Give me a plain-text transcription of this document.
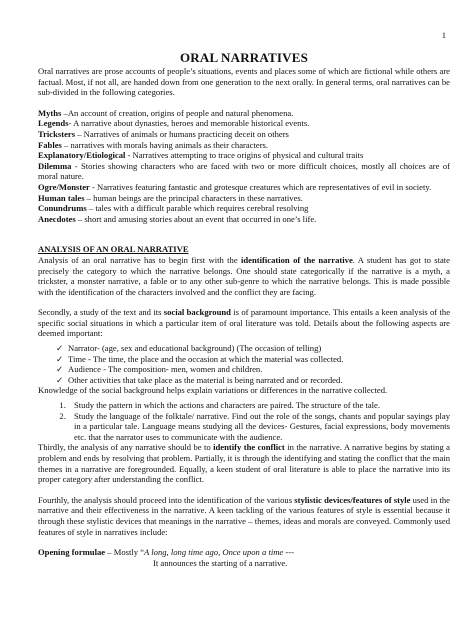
1
ORAL NARRATIVES

Oral narratives are prose accounts of people’s situations, events and places some of which are fictional while others are factual. Most, if not all, are handed down from one generation to the next orally. In general terms, oral narratives can be sub-divided in the following categories.

Myths –An account of creation, origins of people and natural phenomena.

Legends- A narrative about dynasties, heroes and memorable historical events.

Tricksters – Narratives of animals or humans practicing deceit on others

Fables – narratives with morals having animals as their characters.

Explanatory/Etiological - Narratives attempting to trace origins of physical and cultural traits

Dilemma - Stories showing characters who are faced with two or more difficult choices, mostly all choices are of moral nature.

Ogre/Monster - Narratives featuring fantastic and grotesque creatures which are representatives of evil in society.

Human tales – human beings are the principal characters in these narratives.

Conundrums – tales with a difficult parable which requires cerebral resolving

Anecdotes – short and amusing stories about an event that occurred in one’s life.

ANALYSIS OF AN ORAL NARRATIVE

Analysis of an oral narrative has to begin first with the identification of the narrative. A student has got to state precisely the category to which the narrative belongs. One should state categorically if the narrative is a myth, a trickster, a monster narrative, a fable or to any other sub-genre to which the narrative belongs. This is made possible with the identification of the characters involved and the conflict they are facing.

Secondly, a study of the text and its social background is of paramount importance. This entails a keen analysis of the specific social situations in which a particular item of oral literature was told. Details about the following aspects are deemed important:

✓ Narrator- (age, sex and educational background) (The occasion of telling)
✓ Time - The time, the place and the occasion at which the material was collected.
✓ Audience - The composition- men, women and children.
✓ Other activities that take place as the material is being narrated and or recorded.

Knowledge of the social background helps explain variations or differences in the narrative collected.

1. Study the pattern in which the actions and characters are paired. The structure of the tale.
2. Study the language of the folktale/ narrative. Find out the role of the songs, chants and popular sayings play in a particular tale. Language means studying all the devices- Gestures, facial expressions, body movements etc. that the narrator uses to communicate with the audience.

Thirdly, the analysis of any narrative should be to identify the conflict in the narrative. A narrative begins by stating a problem and ends by resolving that problem. Partially, it is through the identifying and stating the conflict that the main themes in a narrative are foregrounded. Equally, a keen student of oral literature is able to place the narrative into its proper category after understanding the conflict.

Fourthly, the analysis should proceed into the identification of the various stylistic devices/features of style used in the narrative and their effectiveness in the narrative. A keen tackling of the various features of style is essential because it through these stylistic devices that meanings in the narrative – themes, ideas and morals are conveyed. Commonly used features of style in narratives include:

Opening formulae – Mostly “A long, long time ago, Once upon a time ---

It announces the starting of a narrative.
